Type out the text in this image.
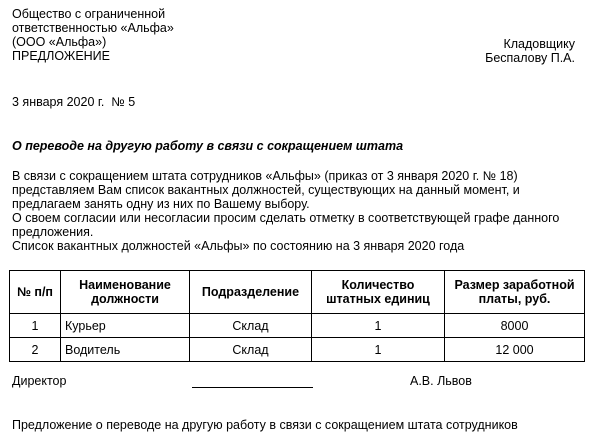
Общество с ограниченной
ответственностью «Альфа»
(ООО «Альфа»)
ПРЕДЛОЖЕНИЕ
Кладовщику
Беспалову П.А.
3 января 2020 г.  № 5
О переводе на другую работу в связи с сокращением штата
В связи с сокращением штата сотрудников «Альфы» (приказ от 3 января 2020 г. № 18)
представляем Вам список вакантных должностей, существующих на данный момент, и
предлагаем занять одну из них по Вашему выбору.
О своем согласии или несогласии просим сделать отметку в соответствующей графе данного
предложения.
Список вакантных должностей «Альфы» по состоянию на 3 января 2020 года
№ п/п	Наименование должности	Подразделение	Количество штатных единиц	Размер заработной платы, руб.
1	Курьер	Склад	1	8000
2	Водитель	Склад	1	12 000
Директор	А.В. Львов
Предложение о переводе на другую работу в связи с сокращением штата сотрудников
